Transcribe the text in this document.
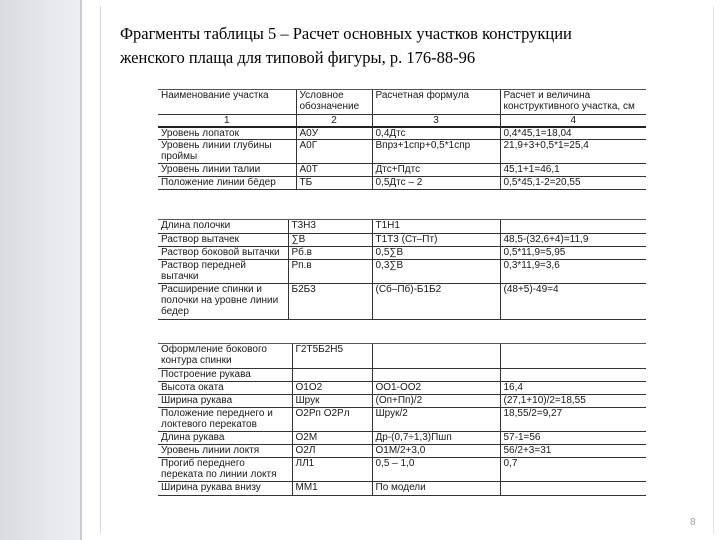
Фрагменты таблицы 5 – Расчет основных участков конструкции
женского плаща для типовой фигуры, р. 176-88-96
Наименование участка	Условное обозначение	Расчетная формула	Расчет и величина конструктивного участка, см
1	2	3	4
Уровень лопаток	А0У	0,4Дтс	0,4*45,1=18,04
Уровень линии глубины проймы	А0Г	Впрз+1спр+0,5*1спр	21,9+3+0,5*1=25,4
Уровень линии талии	А0Т	Дтс+Пдтс	45,1+1=46,1
Положение линии бёдер	ТБ	0,5Дтс – 2	0,5*45,1-2=20,55
Длина полочки	Т3Н3	Т1Н1	
Раствор вытачек	∑В	Т1Т3 (Ст–Пт)	48,5-(32,6+4)=11,9
Раствор боковой вытачки	Рб.в	0,5∑В	0,5*11,9=5,95
Раствор передней вытачки	Рп.в	0,3∑В	0,3*11,9=3,6
Расширение спинки и полочки на уровне линии бедер	Б2Б3	(Сб–Пб)-Б1Б2	(48+5)-49=4
Оформление бокового контура спинки	Г2Т5Б2Н5		
Построение рукава			
Высота оката	О1О2	ОО1-ОО2	16,4
Ширина рукава	Шрук	(Оп+Пп)/2	(27,1+10)/2=18,55
Положение переднего и локтевого перекатов	О2Рп О2Рл	Шрук/2	18,55/2=9,27
Длина рукава	О2М	Др-(0,7÷1,3)Пшп	57-1=56
Уровень линии локтя	О2Л	О1М/2+3,0	56/2+3=31
Прогиб переднего переката по линии локтя	ЛЛ1	0,5 – 1,0	0,7
Ширина рукава внизу	ММ1	По модели	
8
